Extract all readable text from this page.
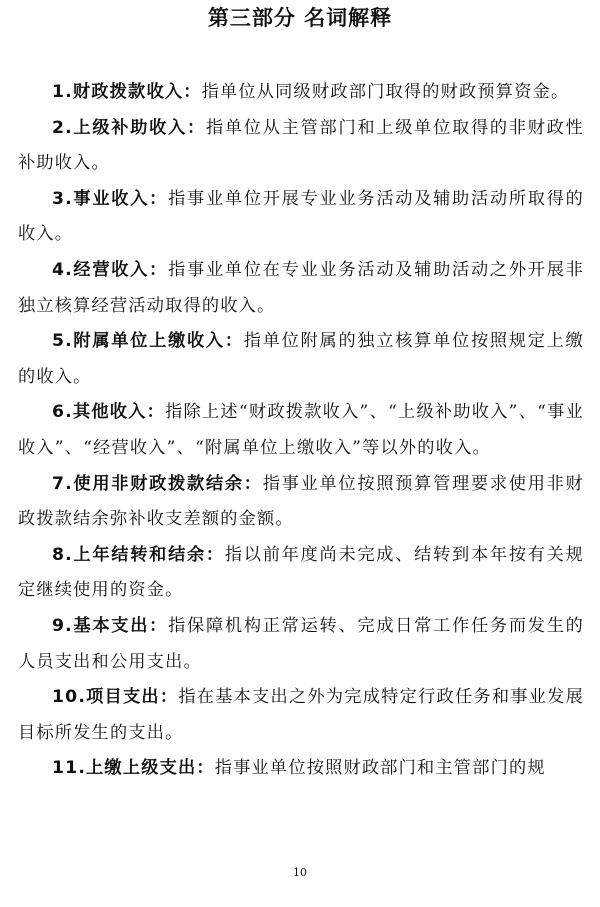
第三部分 名词解释

1.财政拨款收入：指单位从同级财政部门取得的财政预算资金。

2.上级补助收入：指单位从主管部门和上级单位取得的非财政性补助收入。

3.事业收入：指事业单位开展专业业务活动及辅助活动所取得的收入。

4.经营收入：指事业单位在专业业务活动及辅助活动之外开展非独立核算经营活动取得的收入。

5.附属单位上缴收入：指单位附属的独立核算单位按照规定上缴的收入。

6.其他收入：指除上述“财政拨款收入”、“上级补助收入”、“事业收入”、“经营收入”、“附属单位上缴收入”等以外的收入。

7.使用非财政拨款结余：指事业单位按照预算管理要求使用非财政拨款结余弥补收支差额的金额。

8.上年结转和结余：指以前年度尚未完成、结转到本年按有关规定继续使用的资金。

9.基本支出：指保障机构正常运转、完成日常工作任务而发生的人员支出和公用支出。

10.项目支出：指在基本支出之外为完成特定行政任务和事业发展目标所发生的支出。

11.上缴上级支出：指事业单位按照财政部门和主管部门的规

10
